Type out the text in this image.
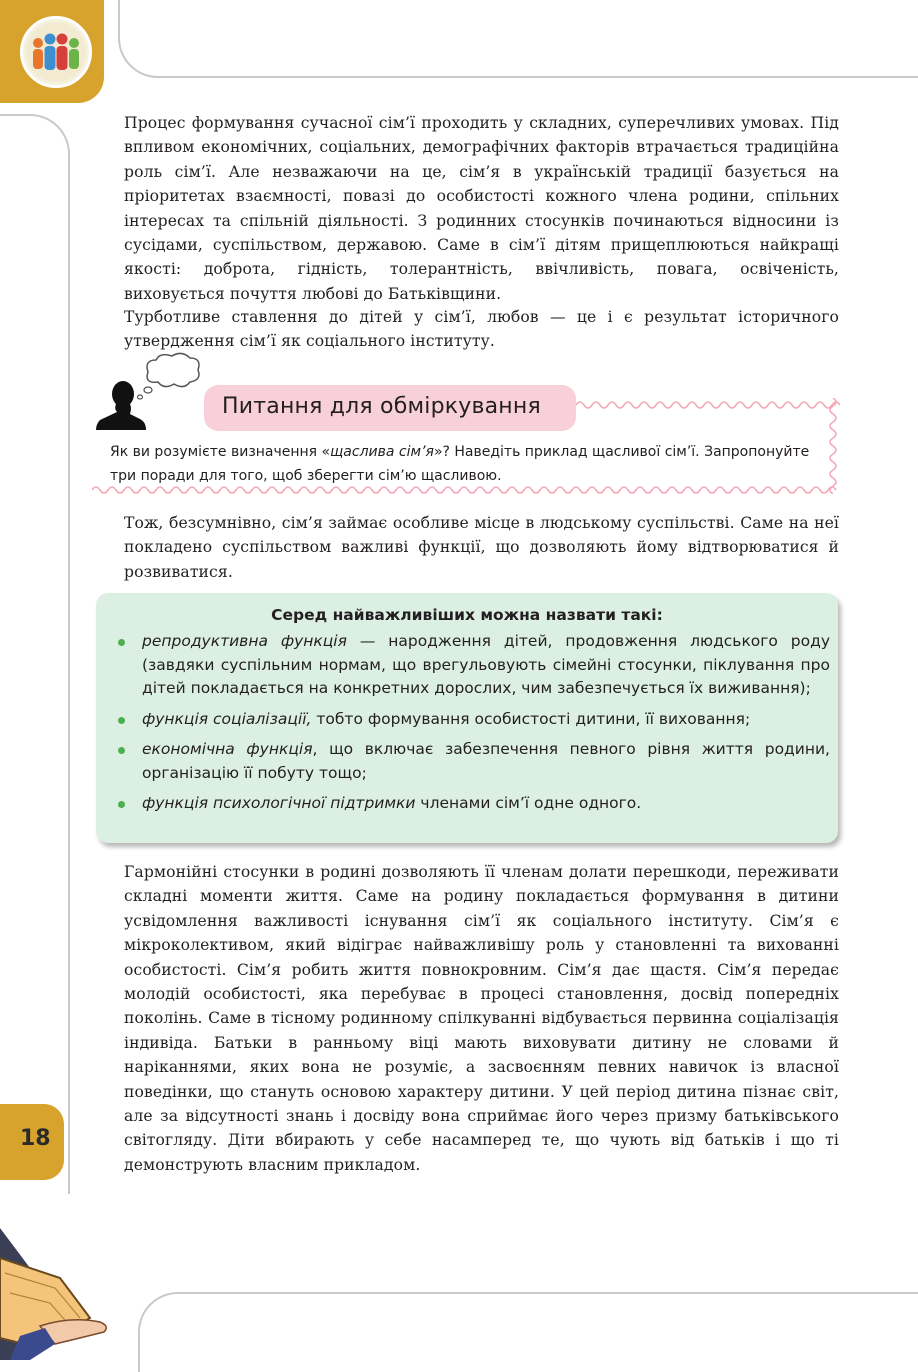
18

Процес формування сучасної сім’ї проходить у складних, суперечливих умовах. Під впливом економічних, соціальних, демографічних факторів втрачається традиційна роль сім’ї. Але незважаючи на це, сім’я в українській традиції базується на пріоритетах взаємності, повазі до особистості кожного члена родини, спільних інтересах та спільній діяльності. З родинних стосунків починаються відносини із сусідами, суспільством, державою. Саме в сім’ї дітям прищеплюються найкращі якості: доброта, гідність, толерантність, ввічливість, повага, освіченість, виховується почуття любові до Батьківщини.

Турботливе ставлення до дітей у сім’ї, любов — це і є результат історичного утвердження сім’ї як соціального інституту.

Питання для обміркування

Як ви розумієте визначення «щаслива сім’я»? Наведіть приклад щасливої сім’ї. Запропонуйте три поради для того, щоб зберегти сім’ю щасливою.

Тож, безсумнівно, сім’я займає особливе місце в людському суспільстві. Саме на неї покладено суспільством важливі функції, що дозволяють йому відтворюватися й розвиватися.

Серед найважливіших можна назвати такі:
репродуктивна функція — народження дітей, продовження людського роду (завдяки суспільним нормам, що врегульовують сімейні стосунки, піклування про дітей покладається на конкретних дорослих, чим забезпечується їх виживання);
функція соціалізації, тобто формування особистості дитини, її виховання;
економічна функція, що включає забезпечення певного рівня життя родини, організацію її побуту тощо;
функція психологічної підтримки членами сім’ї одне одного.

Гармонійні стосунки в родині дозволяють її членам долати перешкоди, переживати складні моменти життя. Саме на родину покладається формування в дитини усвідомлення важливості існування сім’ї як соціального інституту. Сім’я є мікроколективом, який відіграє найважливішу роль у становленні та вихованні особистості. Сім’я робить життя повнокровним. Сім’я дає щастя. Сім’я передає молодій особистості, яка перебуває в процесі становлення, досвід попередніх поколінь. Саме в тісному родинному спілкуванні відбувається первинна соціалізація індивіда. Батьки в ранньому віці мають виховувати дитину не словами й наріканнями, яких вона не розуміє, а засвоєнням певних навичок із власної поведінки, що стануть основою характеру дитини. У цей період дитина пізнає світ, але за відсутності знань і досвіду вона сприймає його через призму батьківського світогляду. Діти вбирають у себе насамперед те, що чують від батьків і що ті демонструють власним прикладом.
